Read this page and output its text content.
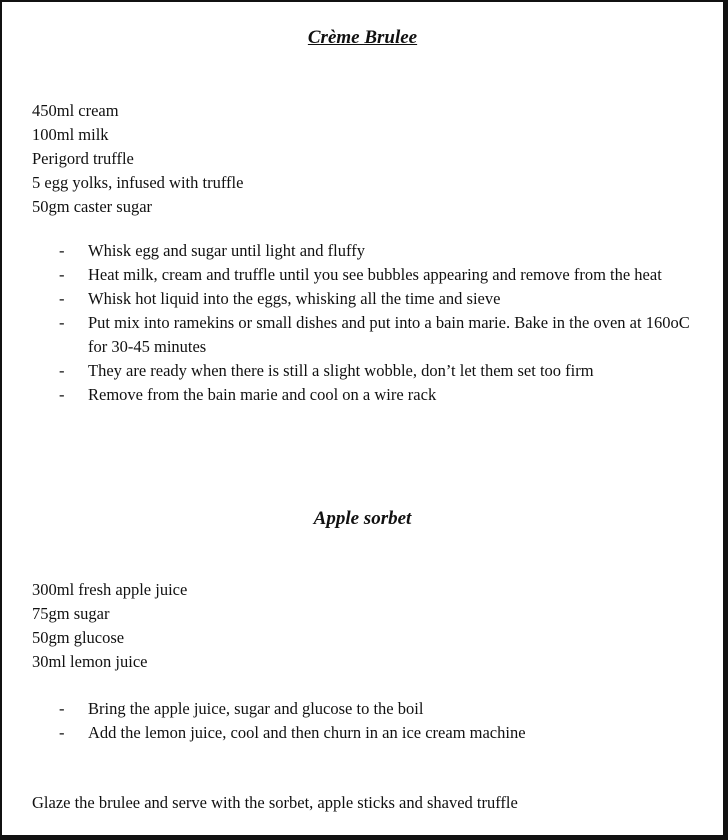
Crème Brulee
450ml cream
100ml milk
Perigord truffle
5 egg yolks, infused with truffle
50gm caster sugar
- Whisk egg and sugar until light and fluffy
- Heat milk, cream and truffle until you see bubbles appearing and remove from the heat
- Whisk hot liquid into the eggs, whisking all the time and sieve
- Put mix into ramekins or small dishes and put into a bain marie. Bake in the oven at 160oC for 30-45 minutes
- They are ready when there is still a slight wobble, don’t let them set too firm
- Remove from the bain marie and cool on a wire rack
Apple sorbet
300ml fresh apple juice
75gm sugar
50gm glucose
30ml lemon juice
- Bring the apple juice, sugar and glucose to the boil
- Add the lemon juice, cool and then churn in an ice cream machine

Glaze the brulee and serve with the sorbet, apple sticks and shaved truffle
